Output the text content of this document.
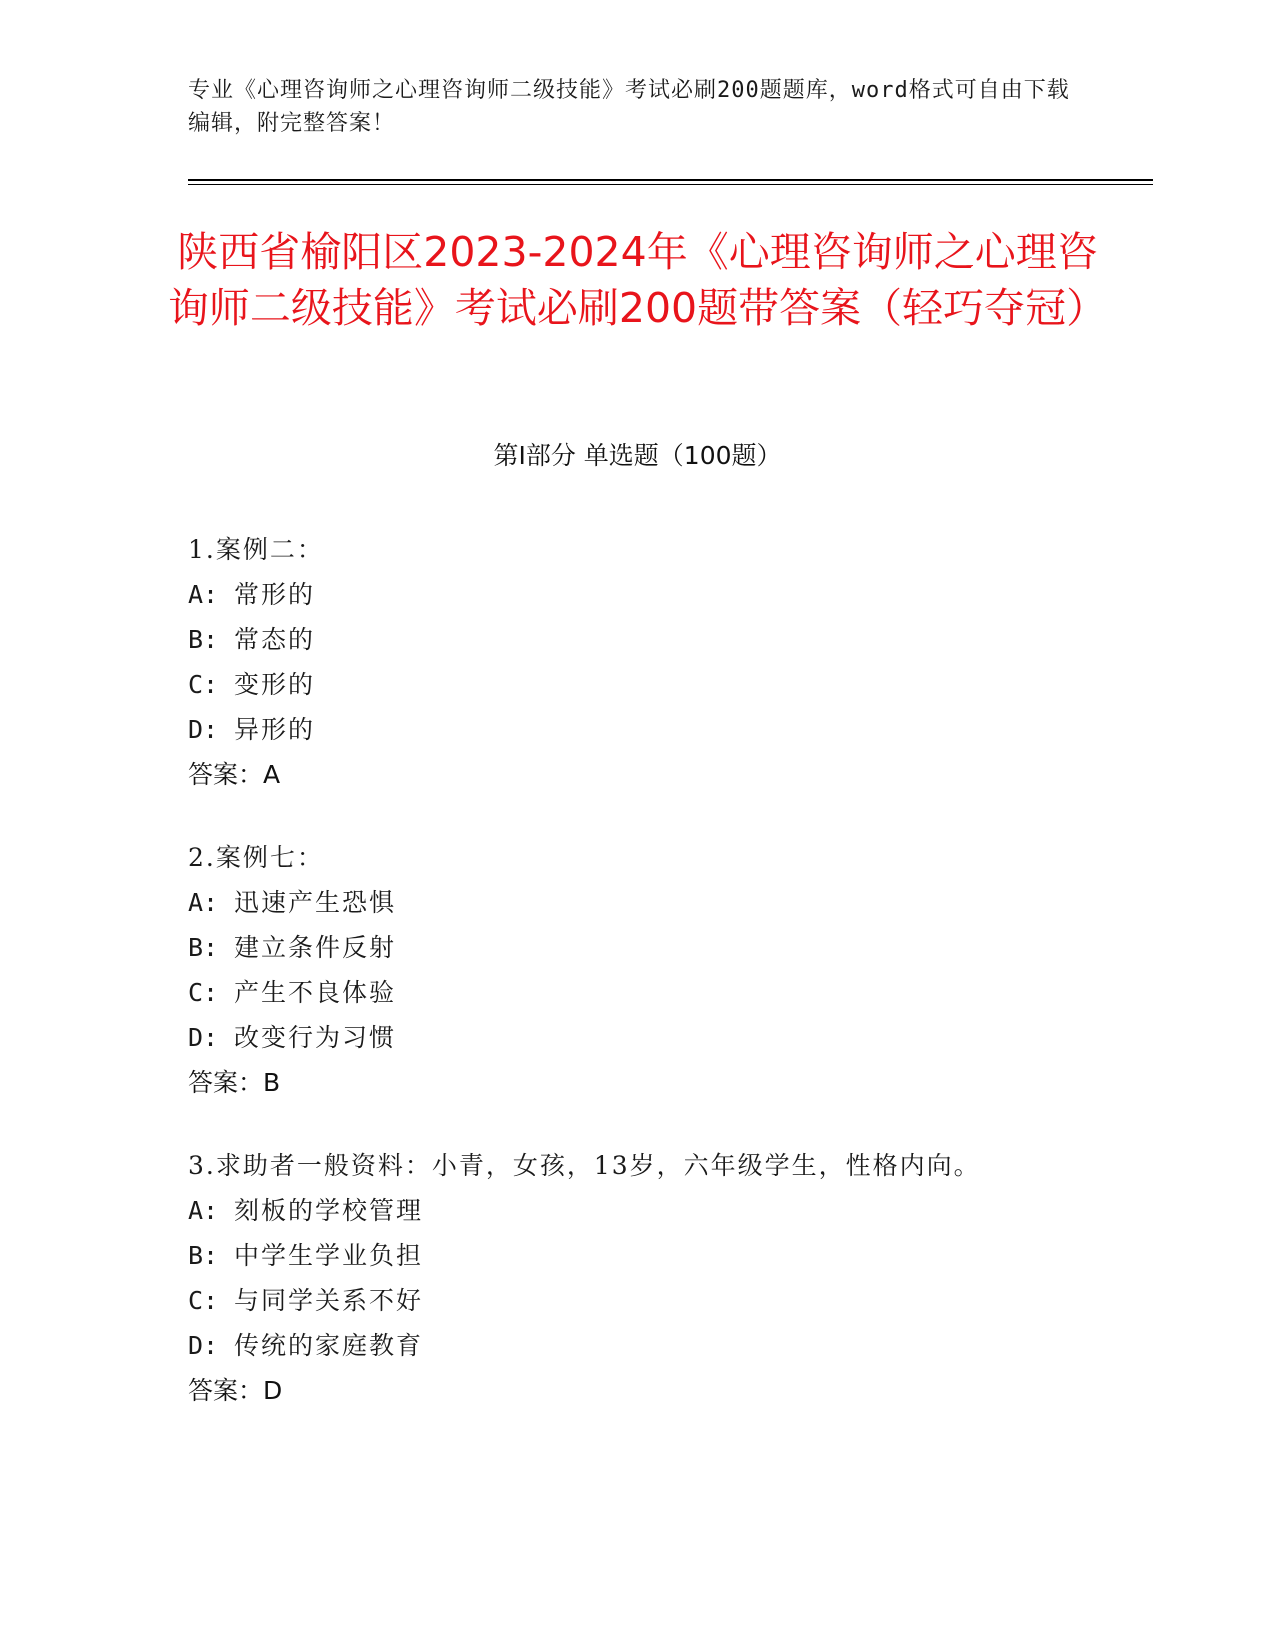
专业《心理咨询师之心理咨询师二级技能》考试必刷200题题库，word格式可自由下载编辑，附完整答案！
陕西省榆阳区2023-2024年《心理咨询师之心理咨询师二级技能》考试必刷200题带答案（轻巧夺冠）
第I部分 单选题（100题）
1.案例二：
A: 常形的
B: 常态的
C: 变形的
D: 异形的
答案：A
2.案例七：
A: 迅速产生恐惧
B: 建立条件反射
C: 产生不良体验
D: 改变行为习惯
答案：B
3.求助者一般资料：小青，女孩，13岁，六年级学生，性格内向。
A: 刻板的学校管理
B: 中学生学业负担
C: 与同学关系不好
D: 传统的家庭教育
答案：D
